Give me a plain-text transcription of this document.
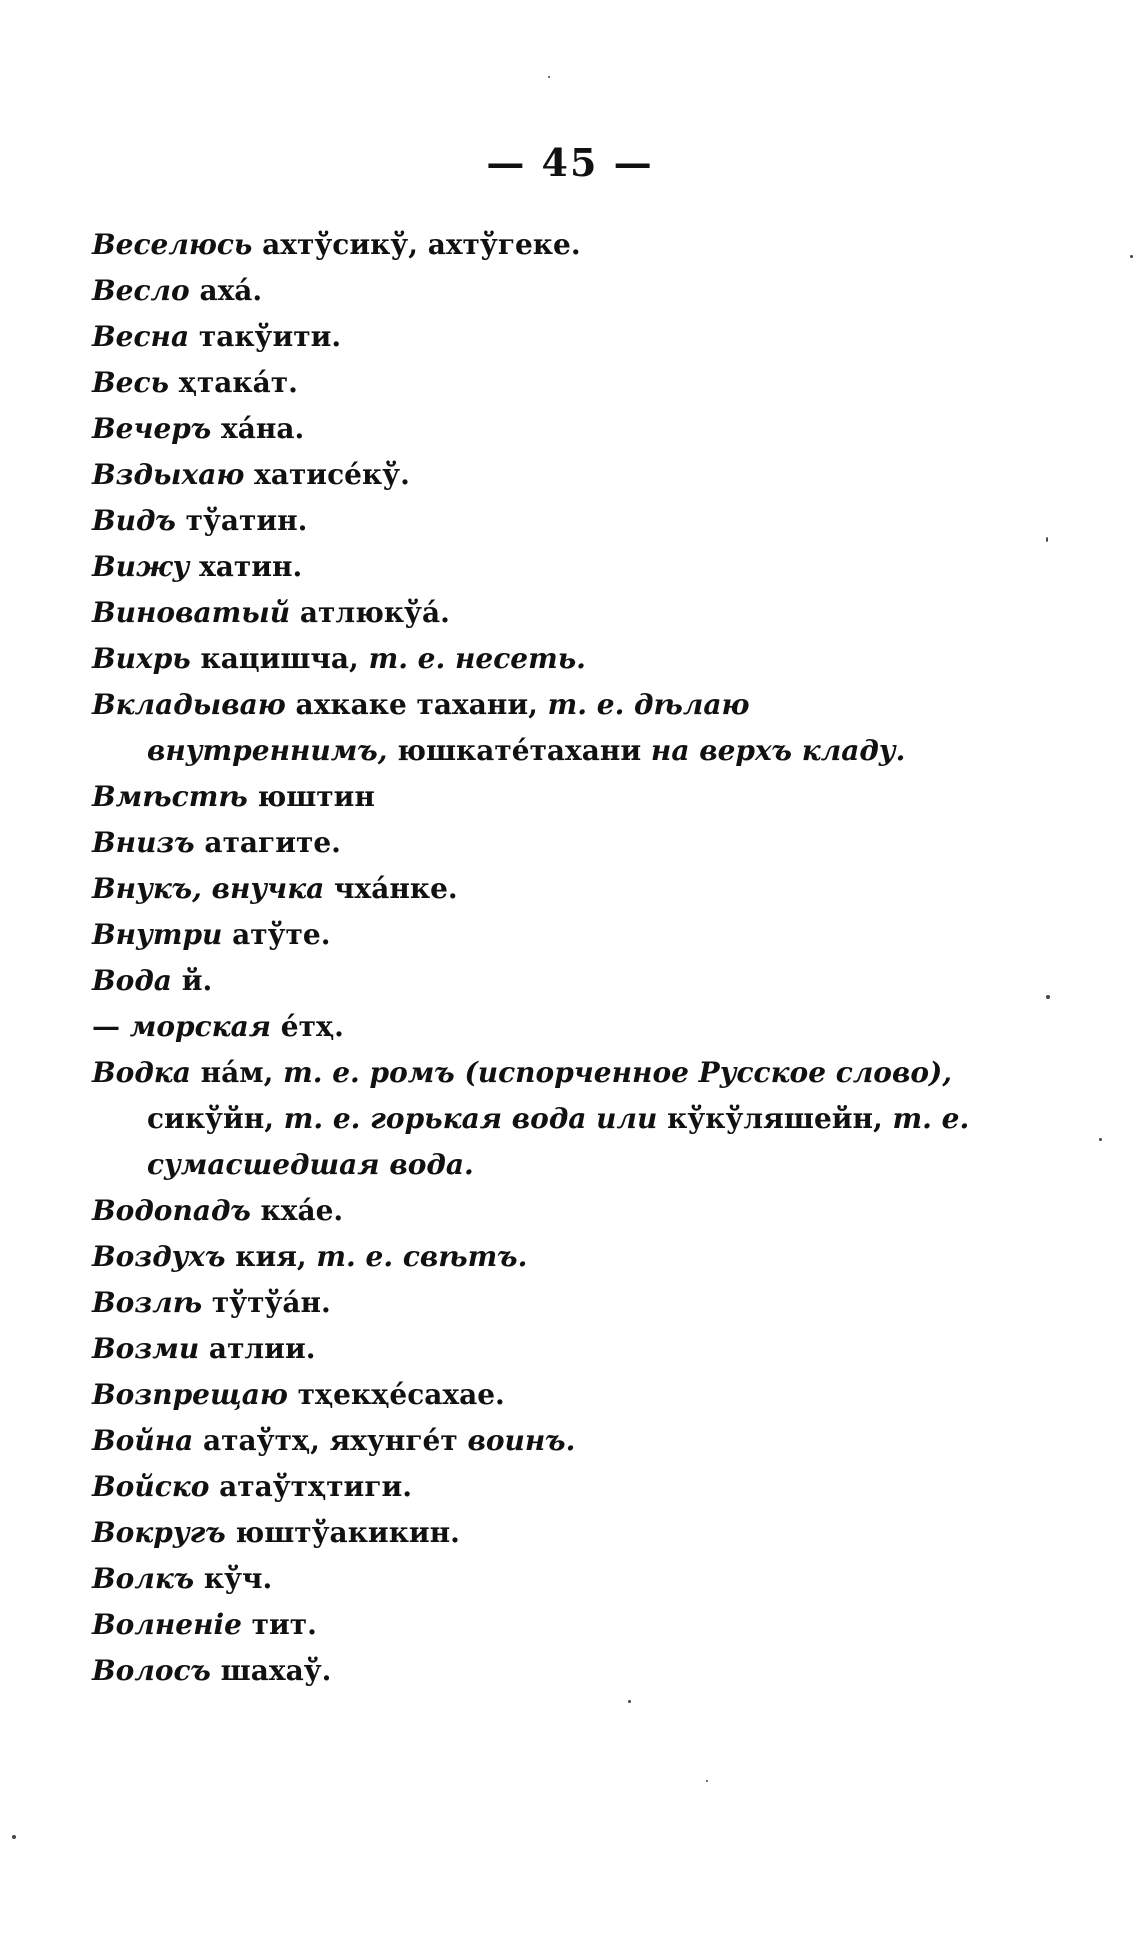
— 45 —
Веселюсь ахтўсикў, ахтўгеке.
Весло ахá.
Весна такўити.
Весь ҳтакáт.
Вечеръ хáна.
Вздыхаю хатисéкў.
Видъ тўатин.
Вижу хатин.
Виноватый атлюкўá.
Вихрь кацишча, т. е. несеть.
Вкладываю ахкаке тахани, т. е. дѣлаю внутреннимъ, юшкатéтахани на верхъ кладу.
Вмѣстѣ юштин
Внизъ атагите.
Внукъ, внучка чхáнке.
Внутри атўте.
Вода й.
— морская éтҳ.
Водка нáм, т. е. ромъ (испорченное Русское слово), сикўйн, т. е. горькая вода или кўкўляшейн, т. е. сумасшедшая вода.
Водопадъ кхáе.
Воздухъ кия, т. е. свѣтъ.
Возлѣ тўтўáн.
Возми атлии.
Возпрещаю тҳекҳéсахае.
Война атаўтҳ, яхунгéт воинъ.
Войско атаўтҳтиги.
Вокругъ юштўакикин.
Волкъ кўч.
Волненіе тит.
Волосъ шахаў.
